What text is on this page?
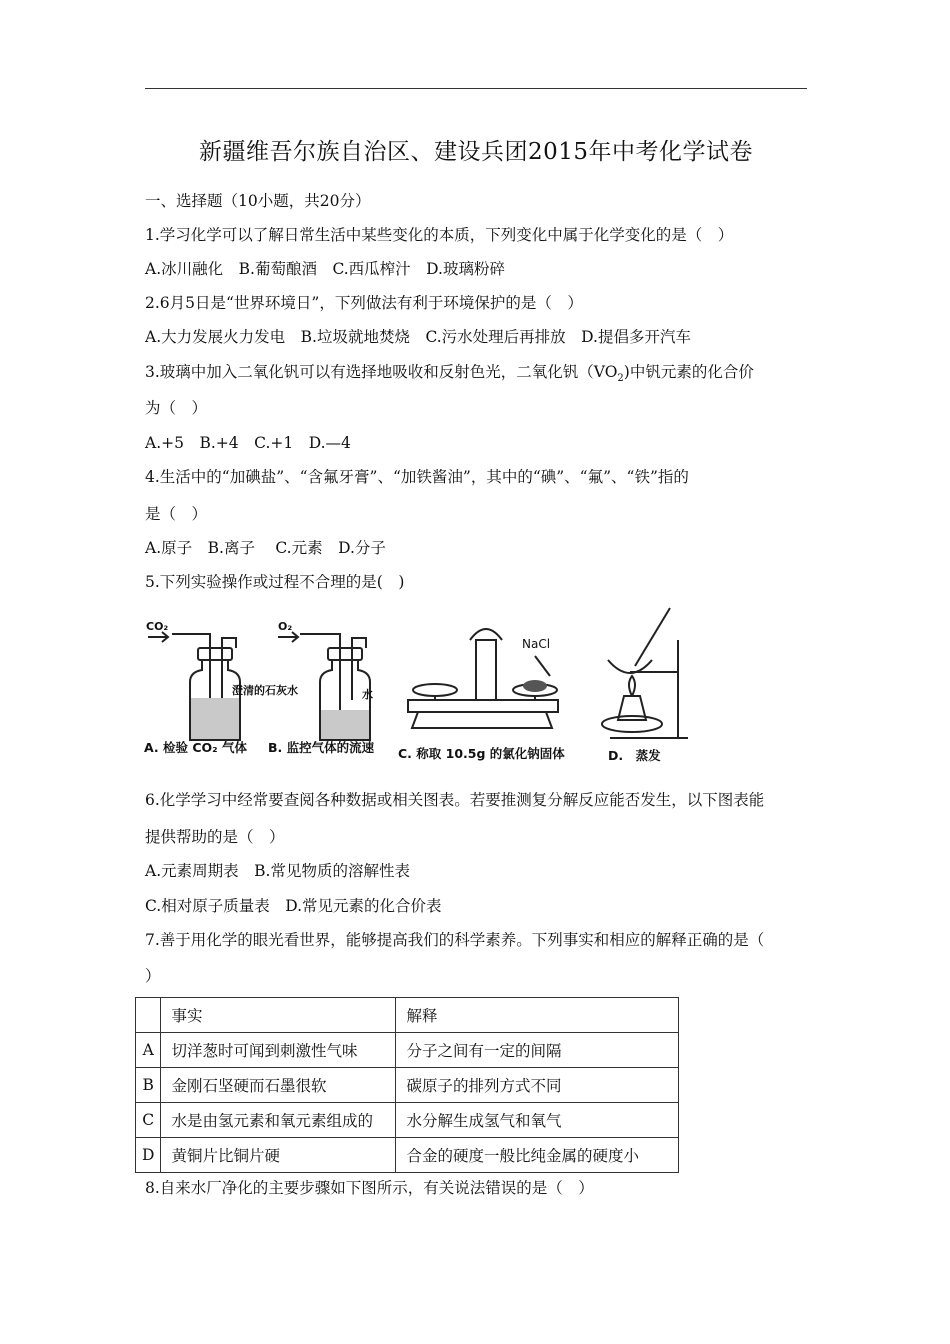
新疆维吾尔族自治区、建设兵团2015年中考化学试卷
一、选择题（10小题，共20分）
1.学习化学可以了解日常生活中某些变化的本质，下列变化中属于化学变化的是（　）
A.冰川融化　B.葡萄酿酒　C.西瓜榨汁　D.玻璃粉碎
2.6月5日是“世界环境日”，下列做法有利于环境保护的是（　）
A.大力发展火力发电　B.垃圾就地焚烧　C.污水处理后再排放　D.提倡多开汽车
3.玻璃中加入二氧化钒可以有选择地吸收和反射色光，二氧化钒$(VO_2)$中钒元素的化合价
为（　）
A.+5　B.+4　C.+1　D.—4
4.生活中的“加碘盐”、“含氟牙膏”、“加铁酱油”，其中的“碘”、“氟”、“铁”指的
是（　）
A.原子　B.离子　 C.元素　D.分子
5.下列实验操作或过程不合理的是(　)
CO₂	O₂
澄清的石灰水	水
NaCl
A. 检验 CO₂ 气体 B. 监控气体的流速 C. 称取 10.5g 的氯化钠固体	D.　蒸发
6.化学学习中经常要查阅各种数据或相关图表。若要推测复分解反应能否发生，以下图表能
提供帮助的是（　）
A.元素周期表　B.常见物质的溶解性表
C.相对原子质量表　D.常见元素的化合价表
7.善于用化学的眼光看世界，能够提高我们的科学素养。下列事实和相应的解释正确的是（
）
	事实	解释
A	切洋葱时可闻到刺激性气味	分子之间有一定的间隔
B	金刚石坚硬而石墨很软	碳原子的排列方式不同
C	水是由氢元素和氧元素组成的	水分解生成氢气和氧气
D	黄铜片比铜片硬	合金的硬度一般比纯金属的硬度小
8.自来水厂净化的主要步骤如下图所示，有关说法错误的是（　）
